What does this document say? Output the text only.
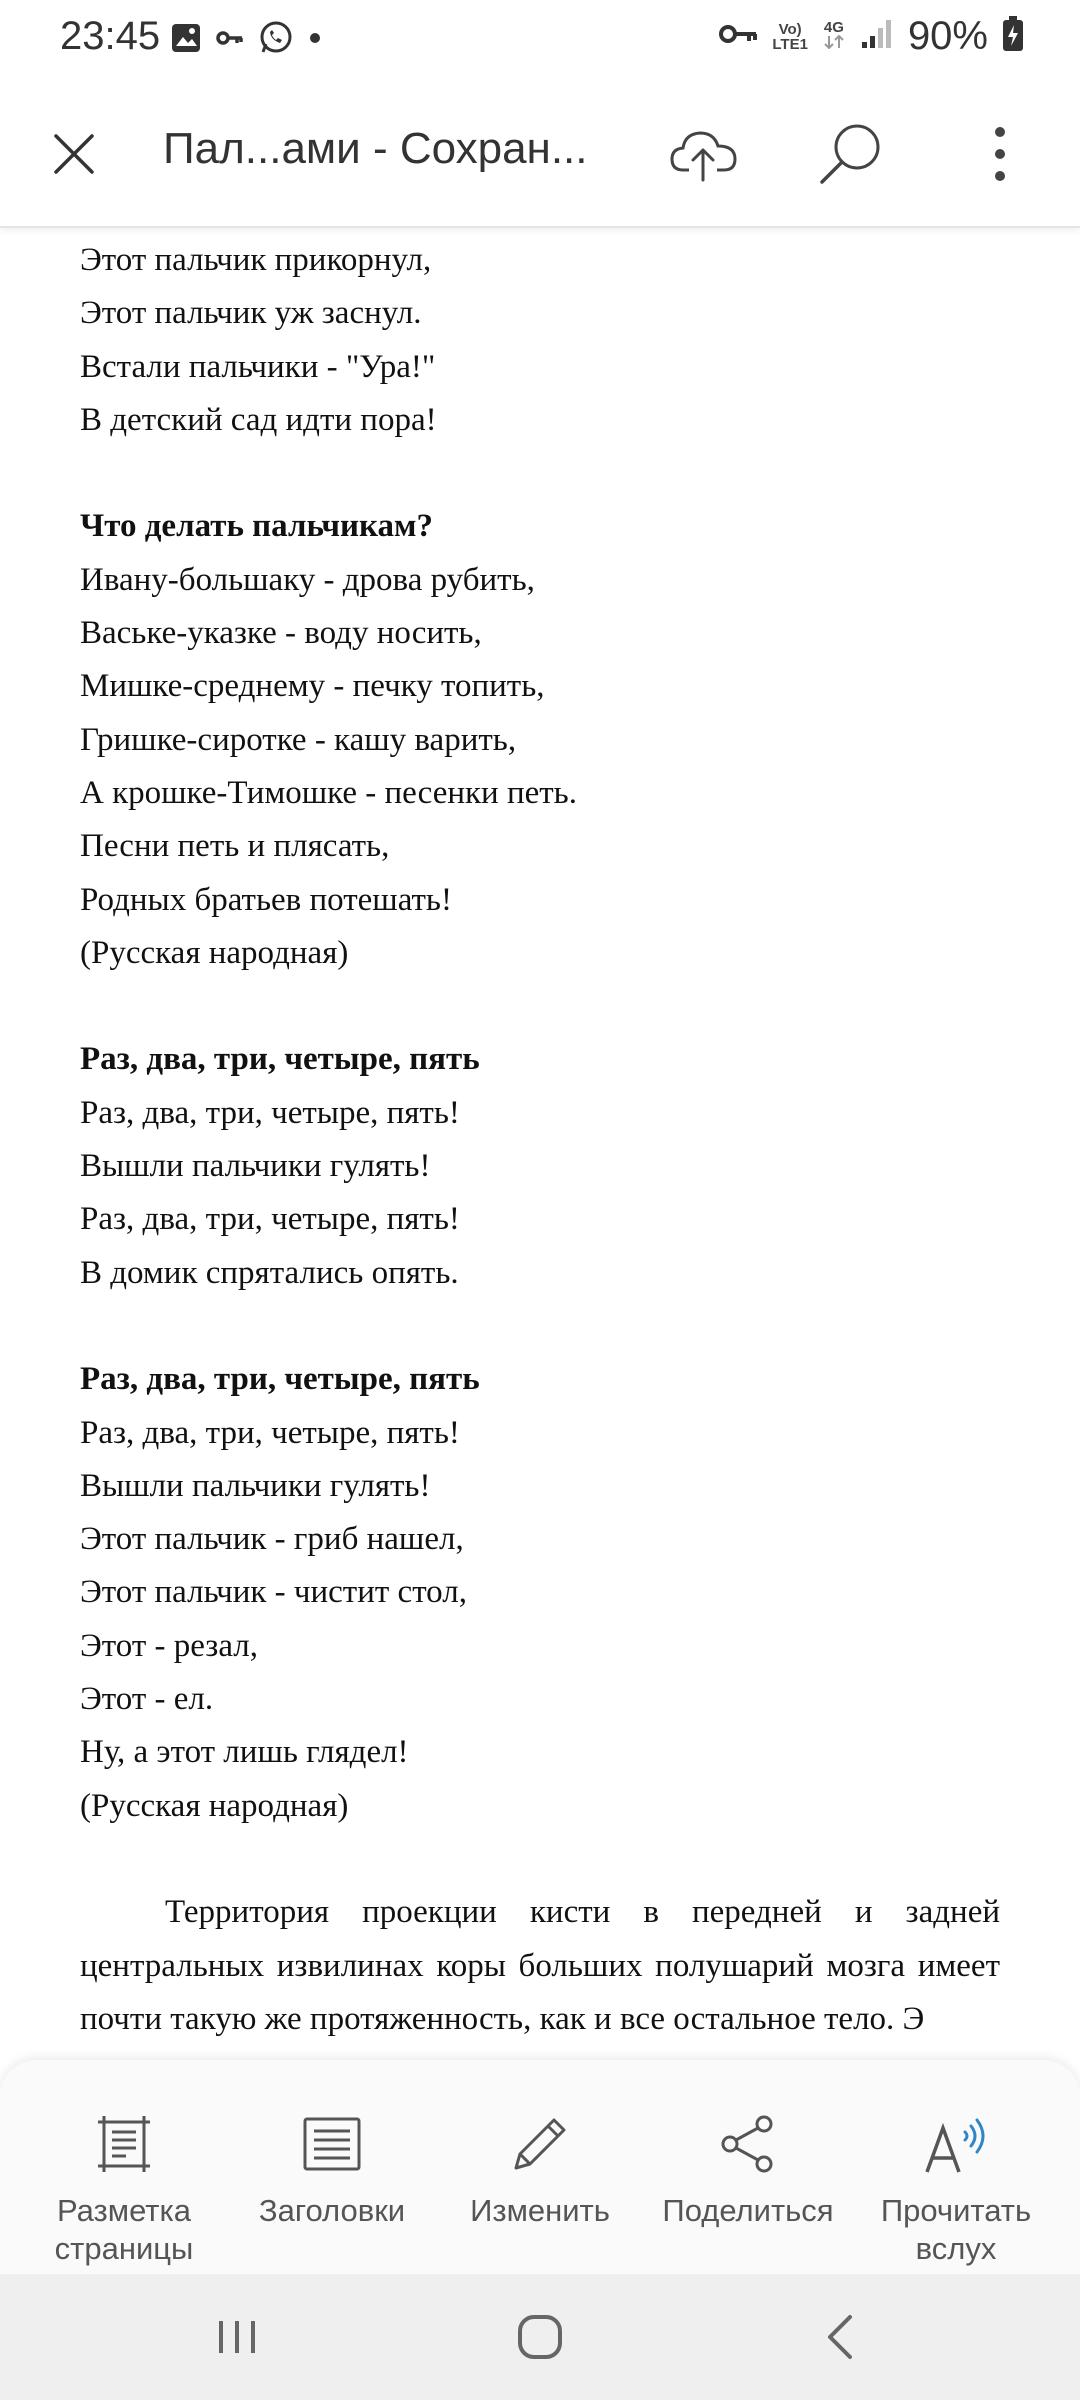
23:45	Vo)
LTE1
4G 90%
Пал...ами - Сохран...
Этот пальчик прикорнул,
Этот пальчик уж заснул.
Встали пальчики - "Ура!"
В детский сад идти пора!
Что делать пальчикам?
Ивану-большаку - дрова рубить,
Ваське-указке - воду носить,
Мишке-среднему - печку топить,
Гришке-сиротке - кашу варить,
А крошке-Тимошке - песенки петь.
Песни петь и плясать,
Родных братьев потешать!
(Русская народная)
Раз, два, три, четыре, пять
Раз, два, три, четыре, пять!
Вышли пальчики гулять!
Раз, два, три, четыре, пять!
В домик спрятались опять.
Раз, два, три, четыре, пять
Раз, два, три, четыре, пять!
Вышли пальчики гулять!
Этот пальчик - гриб нашел,
Этот пальчик - чистит стол,
Этот - резал,
Этот - ел.
Ну, а этот лишь глядел!
(Русская народная)
Территория проекции кисти в передней и задней центральных извилинах коры больших полушарий мозга имеет почти такую же протяженность, как и все остальное тело. Э
Разметка страницы
Заголовки	Изменить	Поделиться	Прочитать вслух
